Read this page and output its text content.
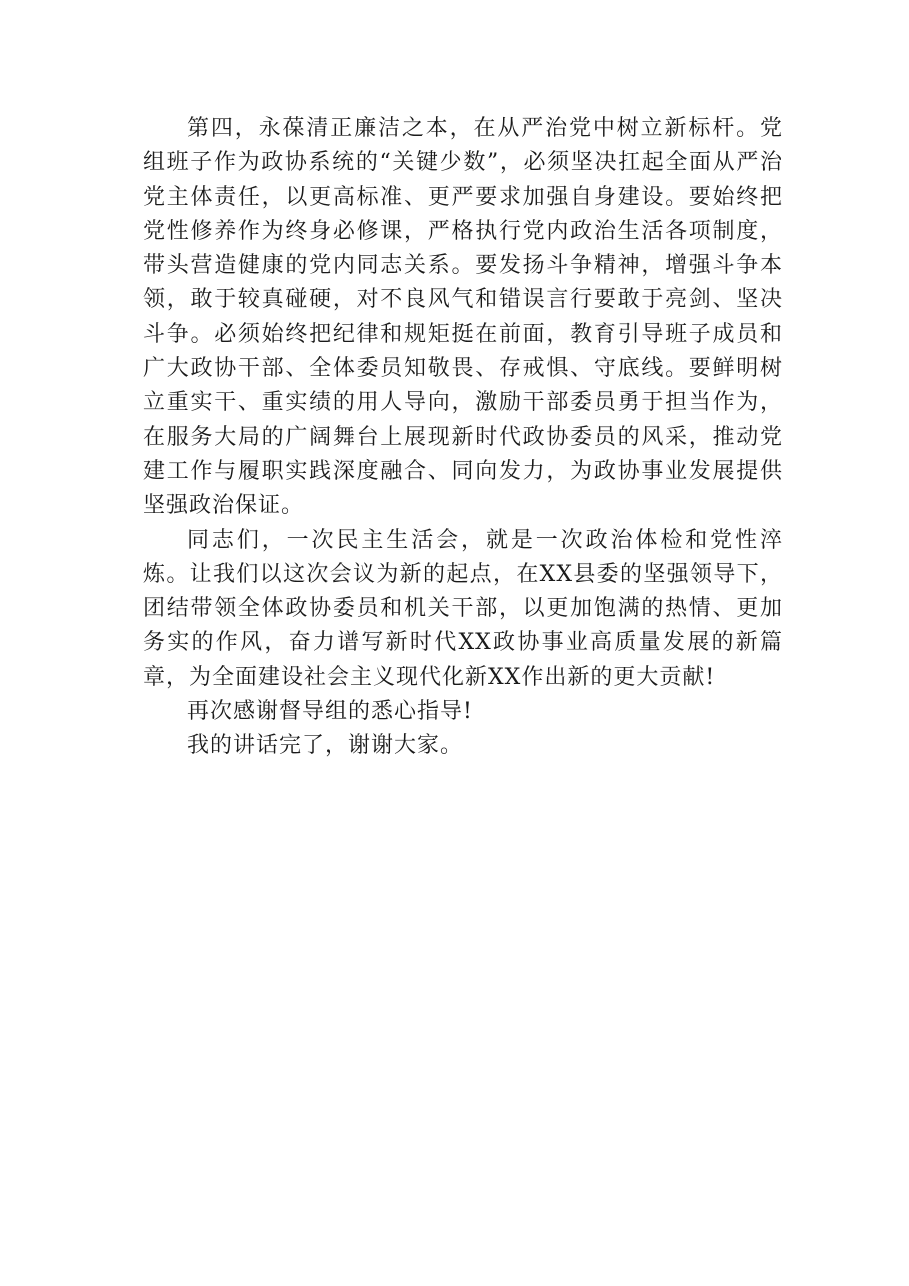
第四，永葆清正廉洁之本，在从严治党中树立新标杆。党组班子作为政协系统的“关键少数”，必须坚决扛起全面从严治党主体责任，以更高标准、更严要求加强自身建设。要始终把党性修养作为终身必修课，严格执行党内政治生活各项制度，带头营造健康的党内同志关系。要发扬斗争精神，增强斗争本领，敢于较真碰硬，对不良风气和错误言行要敢于亮剑、坚决斗争。必须始终把纪律和规矩挺在前面，教育引导班子成员和广大政协干部、全体委员知敬畏、存戒惧、守底线。要鲜明树立重实干、重实绩的用人导向，激励干部委员勇于担当作为，在服务大局的广阔舞台上展现新时代政协委员的风采，推动党建工作与履职实践深度融合、同向发力，为政协事业发展提供坚强政治保证。

同志们，一次民主生活会，就是一次政治体检和党性淬炼。让我们以这次会议为新的起点，在XX县委的坚强领导下，团结带领全体政协委员和机关干部，以更加饱满的热情、更加务实的作风，奋力谱写新时代XX政协事业高质量发展的新篇章，为全面建设社会主义现代化新XX作出新的更大贡献!

再次感谢督导组的悉心指导!

我的讲话完了，谢谢大家。
